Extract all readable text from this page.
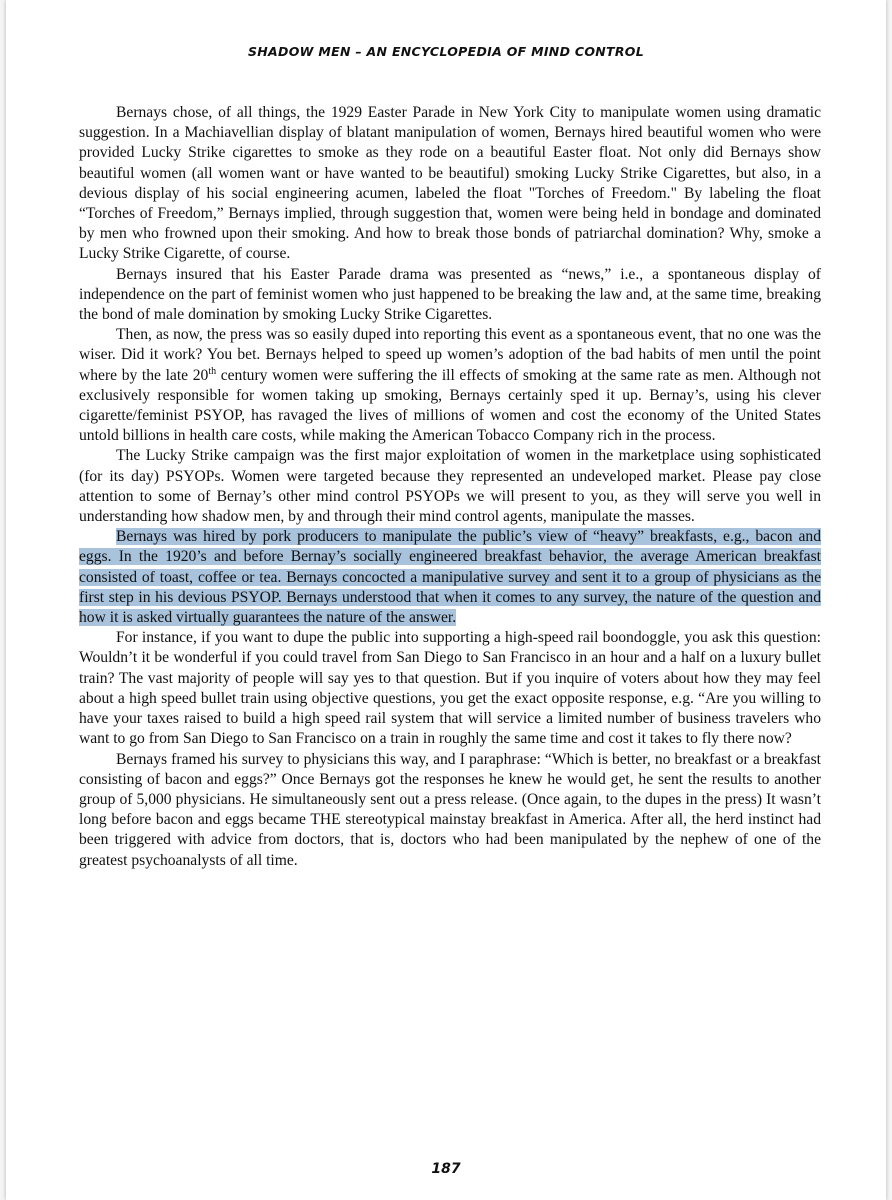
SHADOW MEN – AN ENCYCLOPEDIA OF MIND CONTROL

Bernays chose, of all things, the 1929 Easter Parade in New York City to manipulate women using dramatic suggestion. In a Machiavellian display of blatant manipulation of women, Bernays hired beautiful women who were provided Lucky Strike cigarettes to smoke as they rode on a beautiful Easter float. Not only did Bernays show beautiful women (all women want or have wanted to be beautiful) smoking Lucky Strike Cigarettes, but also, in a devious display of his social engineering acumen, labeled the float "Torches of Freedom." By labeling the float “Torches of Freedom,” Bernays implied, through suggestion that, women were being held in bondage and dominated by men who frowned upon their smoking. And how to break those bonds of patriarchal domination? Why, smoke a Lucky Strike Cigarette, of course.

Bernays insured that his Easter Parade drama was presented as “news,” i.e., a spontaneous display of independence on the part of feminist women who just happened to be breaking the law and, at the same time, breaking the bond of male domination by smoking Lucky Strike Cigarettes.

Then, as now, the press was so easily duped into reporting this event as a spontaneous event, that no one was the wiser. Did it work? You bet. Bernays helped to speed up women’s adoption of the bad habits of men until the point where by the late 20th century women were suffering the ill effects of smoking at the same rate as men. Although not exclusively responsible for women taking up smoking, Bernays certainly sped it up. Bernay’s, using his clever cigarette/feminist PSYOP, has ravaged the lives of millions of women and cost the economy of the United States untold billions in health care costs, while making the American Tobacco Company rich in the process.

The Lucky Strike campaign was the first major exploitation of women in the marketplace using sophisticated (for its day) PSYOPs. Women were targeted because they represented an undeveloped market. Please pay close attention to some of Bernay’s other mind control PSYOPs we will present to you, as they will serve you well in understanding how shadow men, by and through their mind control agents, manipulate the masses.

Bernays was hired by pork producers to manipulate the public’s view of “heavy” breakfasts, e.g., bacon and eggs. In the 1920’s and before Bernay’s socially engineered breakfast behavior, the average American breakfast consisted of toast, coffee or tea. Bernays concocted a manipulative survey and sent it to a group of physicians as the first step in his devious PSYOP. Bernays understood that when it comes to any survey, the nature of the question and how it is asked virtually guarantees the nature of the answer.

For instance, if you want to dupe the public into supporting a high-speed rail boondoggle, you ask this question: Wouldn’t it be wonderful if you could travel from San Diego to San Francisco in an hour and a half on a luxury bullet train? The vast majority of people will say yes to that question. But if you inquire of voters about how they may feel about a high speed bullet train using objective questions, you get the exact opposite response, e.g. “Are you willing to have your taxes raised to build a high speed rail system that will service a limited number of business travelers who want to go from San Diego to San Francisco on a train in roughly the same time and cost it takes to fly there now?

Bernays framed his survey to physicians this way, and I paraphrase: “Which is better, no breakfast or a breakfast consisting of bacon and eggs?” Once Bernays got the responses he knew he would get, he sent the results to another group of 5,000 physicians. He simultaneously sent out a press release. (Once again, to the dupes in the press) It wasn’t long before bacon and eggs became THE stereotypical mainstay breakfast in America. After all, the herd instinct had been triggered with advice from doctors, that is, doctors who had been manipulated by the nephew of one of the greatest psychoanalysts of all time.

187
